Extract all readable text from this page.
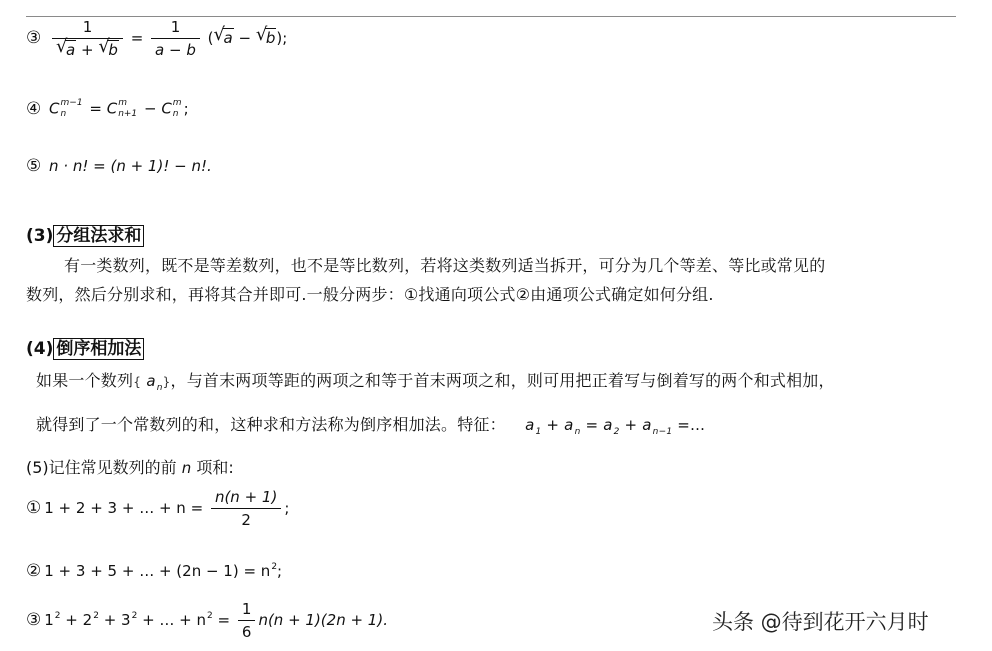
③ 1
√
a + √
$b = \frac{1}{a - b}$ ( √
a − √
b);
④ C m−1
n	= C m
n+1 − C m
n ;
⑤ n · n! = (n + 1)! − n!.
(3) 分组法求和
有一类数列，既不是等差数列，也不是等比数列，若将这类数列适当拆开，可分为几个等差、等比或常见的
数列，然后分别求和，再将其合并即可.一般分两步：①找通向项公式②由通项公式确定如何分组.
(4) 倒序相加法
如果一个数列{ $a_n$}，与首末两项等距的两项之和等于首末两项之和，则可用把正着写与倒着写的两个和式相加，
就得到了一个常数列的和，这种求和方法称为倒序相加法。特征： $a_1 + a_n = a_2 + a_{n-1}$ =…
(5)记住常见数列的前 n 项和:
① 1 + 2 + 3 + … + $n = \frac{n(n + 1)}{2}$ ;
② 1 + 3 + 5 + … + $(2n - 1) = n^2$;
③ $1^2 + 2^2 + 3^2$ + … + $n^2 = \frac{1}{6} n(n + 1)(2n + 1)$.	头条 @待到花开六月时
